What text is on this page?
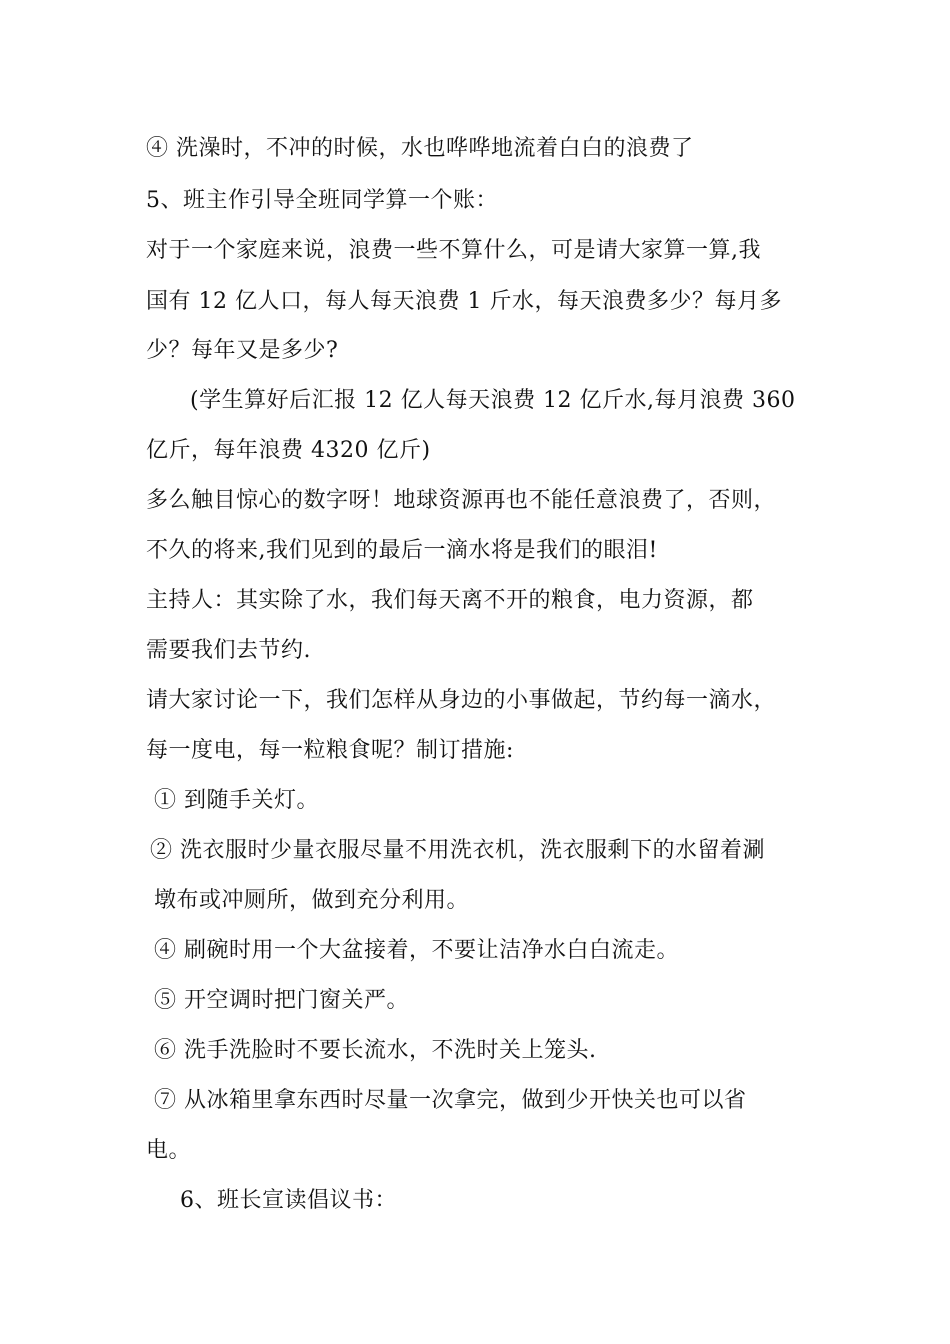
④ 洗澡时，不冲的时候，水也哗哗地流着白白的浪费了
5、班主作引导全班同学算一个账：
对于一个家庭来说，浪费一些不算什么，可是请大家算一算,我
国有 12 亿人口，每人每天浪费 1 斤水，每天浪费多少？每月多
少？每年又是多少?
(学生算好后汇报 12 亿人每天浪费 12 亿斤水,每月浪费 360
亿斤，每年浪费 4320 亿斤)
多么触目惊心的数字呀！地球资源再也不能任意浪费了，否则，
不久的将来,我们见到的最后一滴水将是我们的眼泪!
主持人：其实除了水，我们每天离不开的粮食，电力资源，都
需要我们去节约.
请大家讨论一下，我们怎样从身边的小事做起，节约每一滴水，
每一度电，每一粒粮食呢？制订措施:
① 到随手关灯。
② 洗衣服时少量衣服尽量不用洗衣机，洗衣服剩下的水留着涮
墩布或冲厕所，做到充分利用。
④ 刷碗时用一个大盆接着，不要让洁净水白白流走。
⑤ 开空调时把门窗关严。
⑥ 洗手洗脸时不要长流水，不洗时关上笼头.
⑦ 从冰箱里拿东西时尽量一次拿完，做到少开快关也可以省
电。
6、班长宣读倡议书：
